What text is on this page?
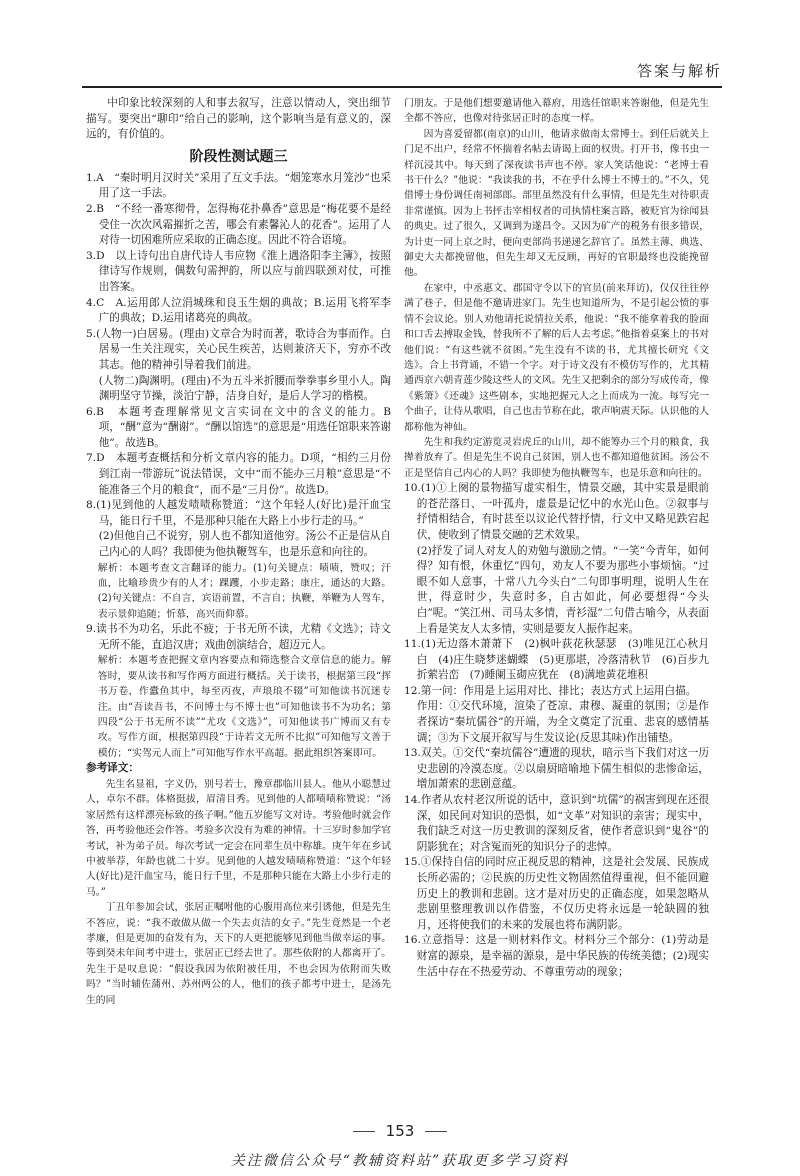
答案与解析

中印象比较深刻的人和事去叙写，注意以情动人，突出细节描写。要突出“聊印”给自己的影响，这个影响当是有意义的，深远的，有价值的。

阶段性测试题三

1.A　“秦时明月汉时关”采用了互文手法。“烟笼寒水月笼沙”也采用了这一手法。

2.B　“不经一番寒彻骨，怎得梅花扑鼻香”意思是“梅花要不是经受住一次次风霜摧折之苦，哪会有素馨沁人的花香”。运用了人对待一切困难所应采取的正确态度。因此不符合语境。

3.D　以上诗句出自唐代诗人韦应物《淮上遇洛阳李主簿》，按照律诗写作规则，偶数句需押韵，所以应与前四联颈对仗，可推出答案。

4.C　A.运用郎人泣涓城珠和良玉生烟的典故；B.运用飞将军李广的典故；D.运用诸葛亮的典故。

5.(人物一)白居易。(理由)文章合为时而著，歌诗合为事而作。白居易一生关注现实，关心民生疾苦，达则兼济天下，穷亦不改其志。他的精神引导着我们前进。

(人物二)陶渊明。(理由)不为五斗米折腰而拳拳事乡里小人。陶渊明坚守节操，淡泊宁静，洁身自好，是后人学习的楷模。

6.B　本题考查理解常见文言实词在文中的含义的能力。B项，“酬”意为“酬谢”。“酬以馆选”的意思是“用选任馆职来答谢他”。故选B。

7.D　本题考查概括和分析文章内容的能力。D项，“相约三月份到江南一带游玩”说法错误，文中“而不能办三月粮”意思是“不能准备三个月的粮食”，而不是“三月份”。故选D。

8.(1)见到他的人越发啧啧称赞道：“这个年轻人(好比)是汗血宝马，能日行千里，不是那种只能在大路上小步行走的马。”

(2)但他自己不说穷，别人也不都知道他穷。汤公不正是信从自己内心的人吗？我即使为他执鞭驾车，也是乐意和向往的。

解析：本题考查文言翻译的能力。(1)句关键点：啧啧，赞叹；汗血，比喻珍贵少有的人才；踝躩，小步走路；康庄，通达的大路。(2)句关键点：不自言，宾语前置，不言自；执鞭，举鞭为人驾车，表示景仰追随；忻慕，高兴而仰慕。

9.读书不为功名，乐此不疲；于书无所不读，尤精《文选》；诗文无所不能，直追汉唐；戏曲创演结合，超迈元人。

解析：本题考查把握文章内容要点和筛选整合文章信息的能力。解答时，要从读书和写作两方面进行概括。关于读书，根据第三段“挥书万卷，作蠹鱼其中，每至丙夜，声琅琅不辍”可知他读书沉迷专注。由“吾读吾书，不问博士与不博士也”可知他读书不为功名；第四段“公于书无所不读”“尤攻《文选》”，可知他读书广博而又有专攻。写作方面，根据第四段“于诗若文无所不比拟”可知他写文善于模仿；“实驾元人而上”可知他写作水平高超。据此组织答案即可。

参考译文：

先生名显祖，字义仍，别号若士，豫章郡临川县人。他从小聪慧过人，卓尔不群。体格挺拔，眉清目秀。见到他的人都啧啧称赞说：“汤家居然有这样漂亮标致的孩子啊。”他五岁能写文对诗。考验他时就会作答，再考验他还会作答。考验多次没有为难的神情。十三岁时参加学官考试，补为弟子员。每次考试一定会在同辈生员中称雄。庚午年在乡试中被举荐，年龄也就二十岁。见到他的人越发啧啧称赞道：“这个年轻人(好比)是汗血宝马，能日行千里，不是那种只能在大路上小步行走的马。”

丁丑年参加会试，张居正嘱咐他的心腹用高位来引诱他，但是先生不答应，说：“我不敢做从做一个失去贞洁的女子。”先生竟然是一个老孝廉，但是更加的奋发有为，天下的人更把能够见到他当做幸运的事。等到癸未年间考中进士，张居正已经去世了。那些依附的人都离开了。先生于是叹息说：“假设我因为依附被任用，不也会因为依附而失败吗？”当时辅佐蒲州、苏州两公的人，他们的孩子都考中进士，是汤先生的同

门朋友。于是他们想要邀请他入幕府，用选任馆职来答谢他，但是先生全都不答应，也像对待张居正时的态度一样。

因为喜爱留都(南京)的山川，他请求做南太常博士。到任后就关上门足不出户，经常不怀揣着名帖去请谒上面的权贵。打开书，像书虫一样沉浸其中。每天到了深夜读书声也不停。家人笑话他说：“老博士看书干什么？”他说：“我读我的书，不在乎什么博士不博士的。”不久，凭借博士身份调任南祠部郎。部里虽然没有什么事情，但是先生对待职责非常谨慎。因为上书抨击宰相权者的司执情柱案言路，被贬官为徐闻县的典史。过了很久，又调到为遂昌令。又因为矿产的税务有很多错误，为计吏一同上京之时，便向吏部尚书递递乞辞官了。虽然主薄、典选、御史大夫都挽留他，但先生却又无反顾，再好的官职最终也没能挽留他。

在家中，中丞惠文、郡国守令以下的官员(前来拜访)，仅仅往往停满了巷子，但是他不邀请进家门。先生也知道所为，不是引起公愤的事情不会议论。别人劝他请托说情拉关系，他说：“我不能拿着我的脸面和口舌去搏取金钱，替我所不了解的后人去考虑。”他指着桌案上的书对他们说：“有这些就不贫困。”先生没有不读的书，尤其擅长研究《文选》。合上书背诵，不错一个字。对于诗文没有不模仿写作的，尤其精通西京六朝青莲少陵这些人的文风。先生又把剩余的部分写成传奇，像《紫箫》《还魂》这些剧本，实地把握元人之上而成为一流。每写完一个曲子，让侍从歌唱，自己也击节称在此，歌声响震天际。认识他的人都称他为神仙。

先生和我约定游览灵岩虎丘的山川，却不能筹办三个月的粮食，我撵着放弃了。但是先生不说自己贫困，别人也不都知道他贫困。汤公不正是坚信自己内心的人吗？我即使为他执鞭驾车，也是乐意和向往的。

10.(1)①上阕的景物描写虚实相生，情景交融，其中实景是眼前的苍茫落日、一叶孤舟，虚景是记忆中的水光山色。②叙事与抒情相结合，有时甚至以议论代替抒情，行文中又略见跌宕起伏，使收到了情景交融的艺术效果。

(2)抒发了词人对友人的劝勉与激励之情。“一笑”今青年，如何得？知有恨，休重忆”四句，劝友人不要为那些小事烦恼。“过眼不如人意事，十常八九今头白”二句即事明理，说明人生在世，得意时少，失意时多，自古如此，何必要想得“今头白”呢。“笑江州、司马太多情，青衫湿”二句借古喻今，从表面上看是笑友人太多情，实则是要友人振作起来。

11.(1)无边落木萧萧下　(2)枫叶荻花秋瑟瑟　(3)唯见江心秋月白　(4)庄生晓梦迷蝴蝶　(5)更那堪，冷落清秋节　(6)百步九折萦岩峦　(7)睡阑玉砌应犹在　(8)满地黄花堆积

12.第一问：作用是上运用对比、排比；表达方式上运用白描。

作用：①交代环境，渲染了苍凉、肃穆、凝重的氛围；②是作者探访“秦坑儒谷”的开端，为全文奠定了沉重、悲哀的感情基调；③为下文展开叙写与生发议论(反思其味)作出铺垫。

13.双关。①交代“秦坑儒谷”遭遗的现状，暗示当下我们对这一历史悲剧的冷漠态度。②以扇厨暗喻地下儒生相似的悲惨命运，增加萧索的悲剧意蕴。

14.作者从农村老汉所说的话中，意识到“坑儒”的祸害到现在还很深，如民间对知识的恐惧，如“文革”对知识的亲害；现实中，我们缺乏对这一历史教训的深刻反省，使作者意识到“鬼谷”的阴影犹在；对含冤而死的知识分子的悲悼。

15.①保持自信的同时应正视反思的精神，这是社会发展、民族成长所必需的；②民族的历史性文物固然值得重视，但不能回避历史上的教训和悲剧。这才是对历史的正确态度，如果忽略从悲剧里整理教训以作借鉴，不仅历史将永远是一轮缺圆的独月，还将使我们的未来的发展也将布满阴影。

16.立意指导：这是一则材料作文。材料分三个部分：(1)劳动是财富的源泉，是幸福的源泉，是中华民族的传统美德；(2)现实生活中存在不热爱劳动、不尊重劳动的现象；

153
关注微信公众号“教辅资料站”获取更多学习资料
